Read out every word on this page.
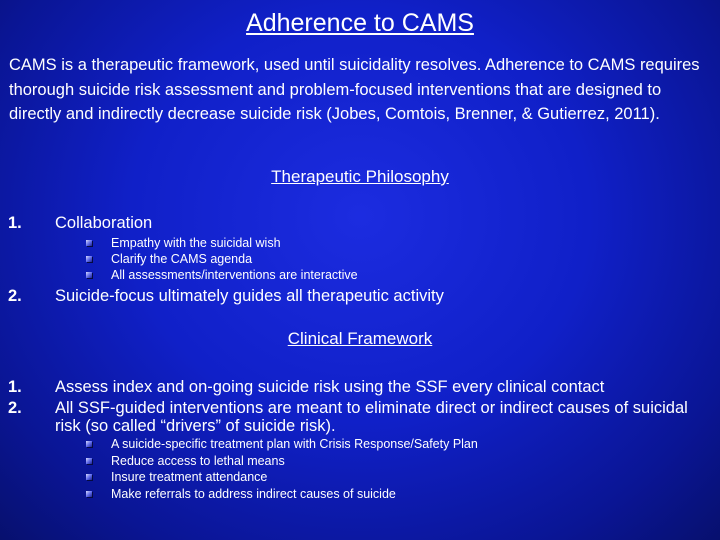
Adherence to CAMS
CAMS is a therapeutic framework, used until suicidality resolves. Adherence to CAMS requires thorough suicide risk assessment and problem-focused interventions that are designed to directly and indirectly decrease suicide risk (Jobes, Comtois, Brenner, & Gutierrez, 2011).
Therapeutic Philosophy
1. Collaboration
Empathy with the suicidal wish
Clarify the CAMS agenda
All assessments/interventions are interactive
2. Suicide-focus ultimately guides all therapeutic activity
Clinical Framework
1. Assess index and on-going suicide risk using the SSF every clinical contact
2. All SSF-guided interventions are meant to eliminate direct or indirect causes of suicidal risk (so called “drivers” of suicide risk).
A suicide-specific treatment plan with Crisis Response/Safety Plan
Reduce access to lethal means
Insure treatment attendance
Make referrals to address indirect causes of suicide
